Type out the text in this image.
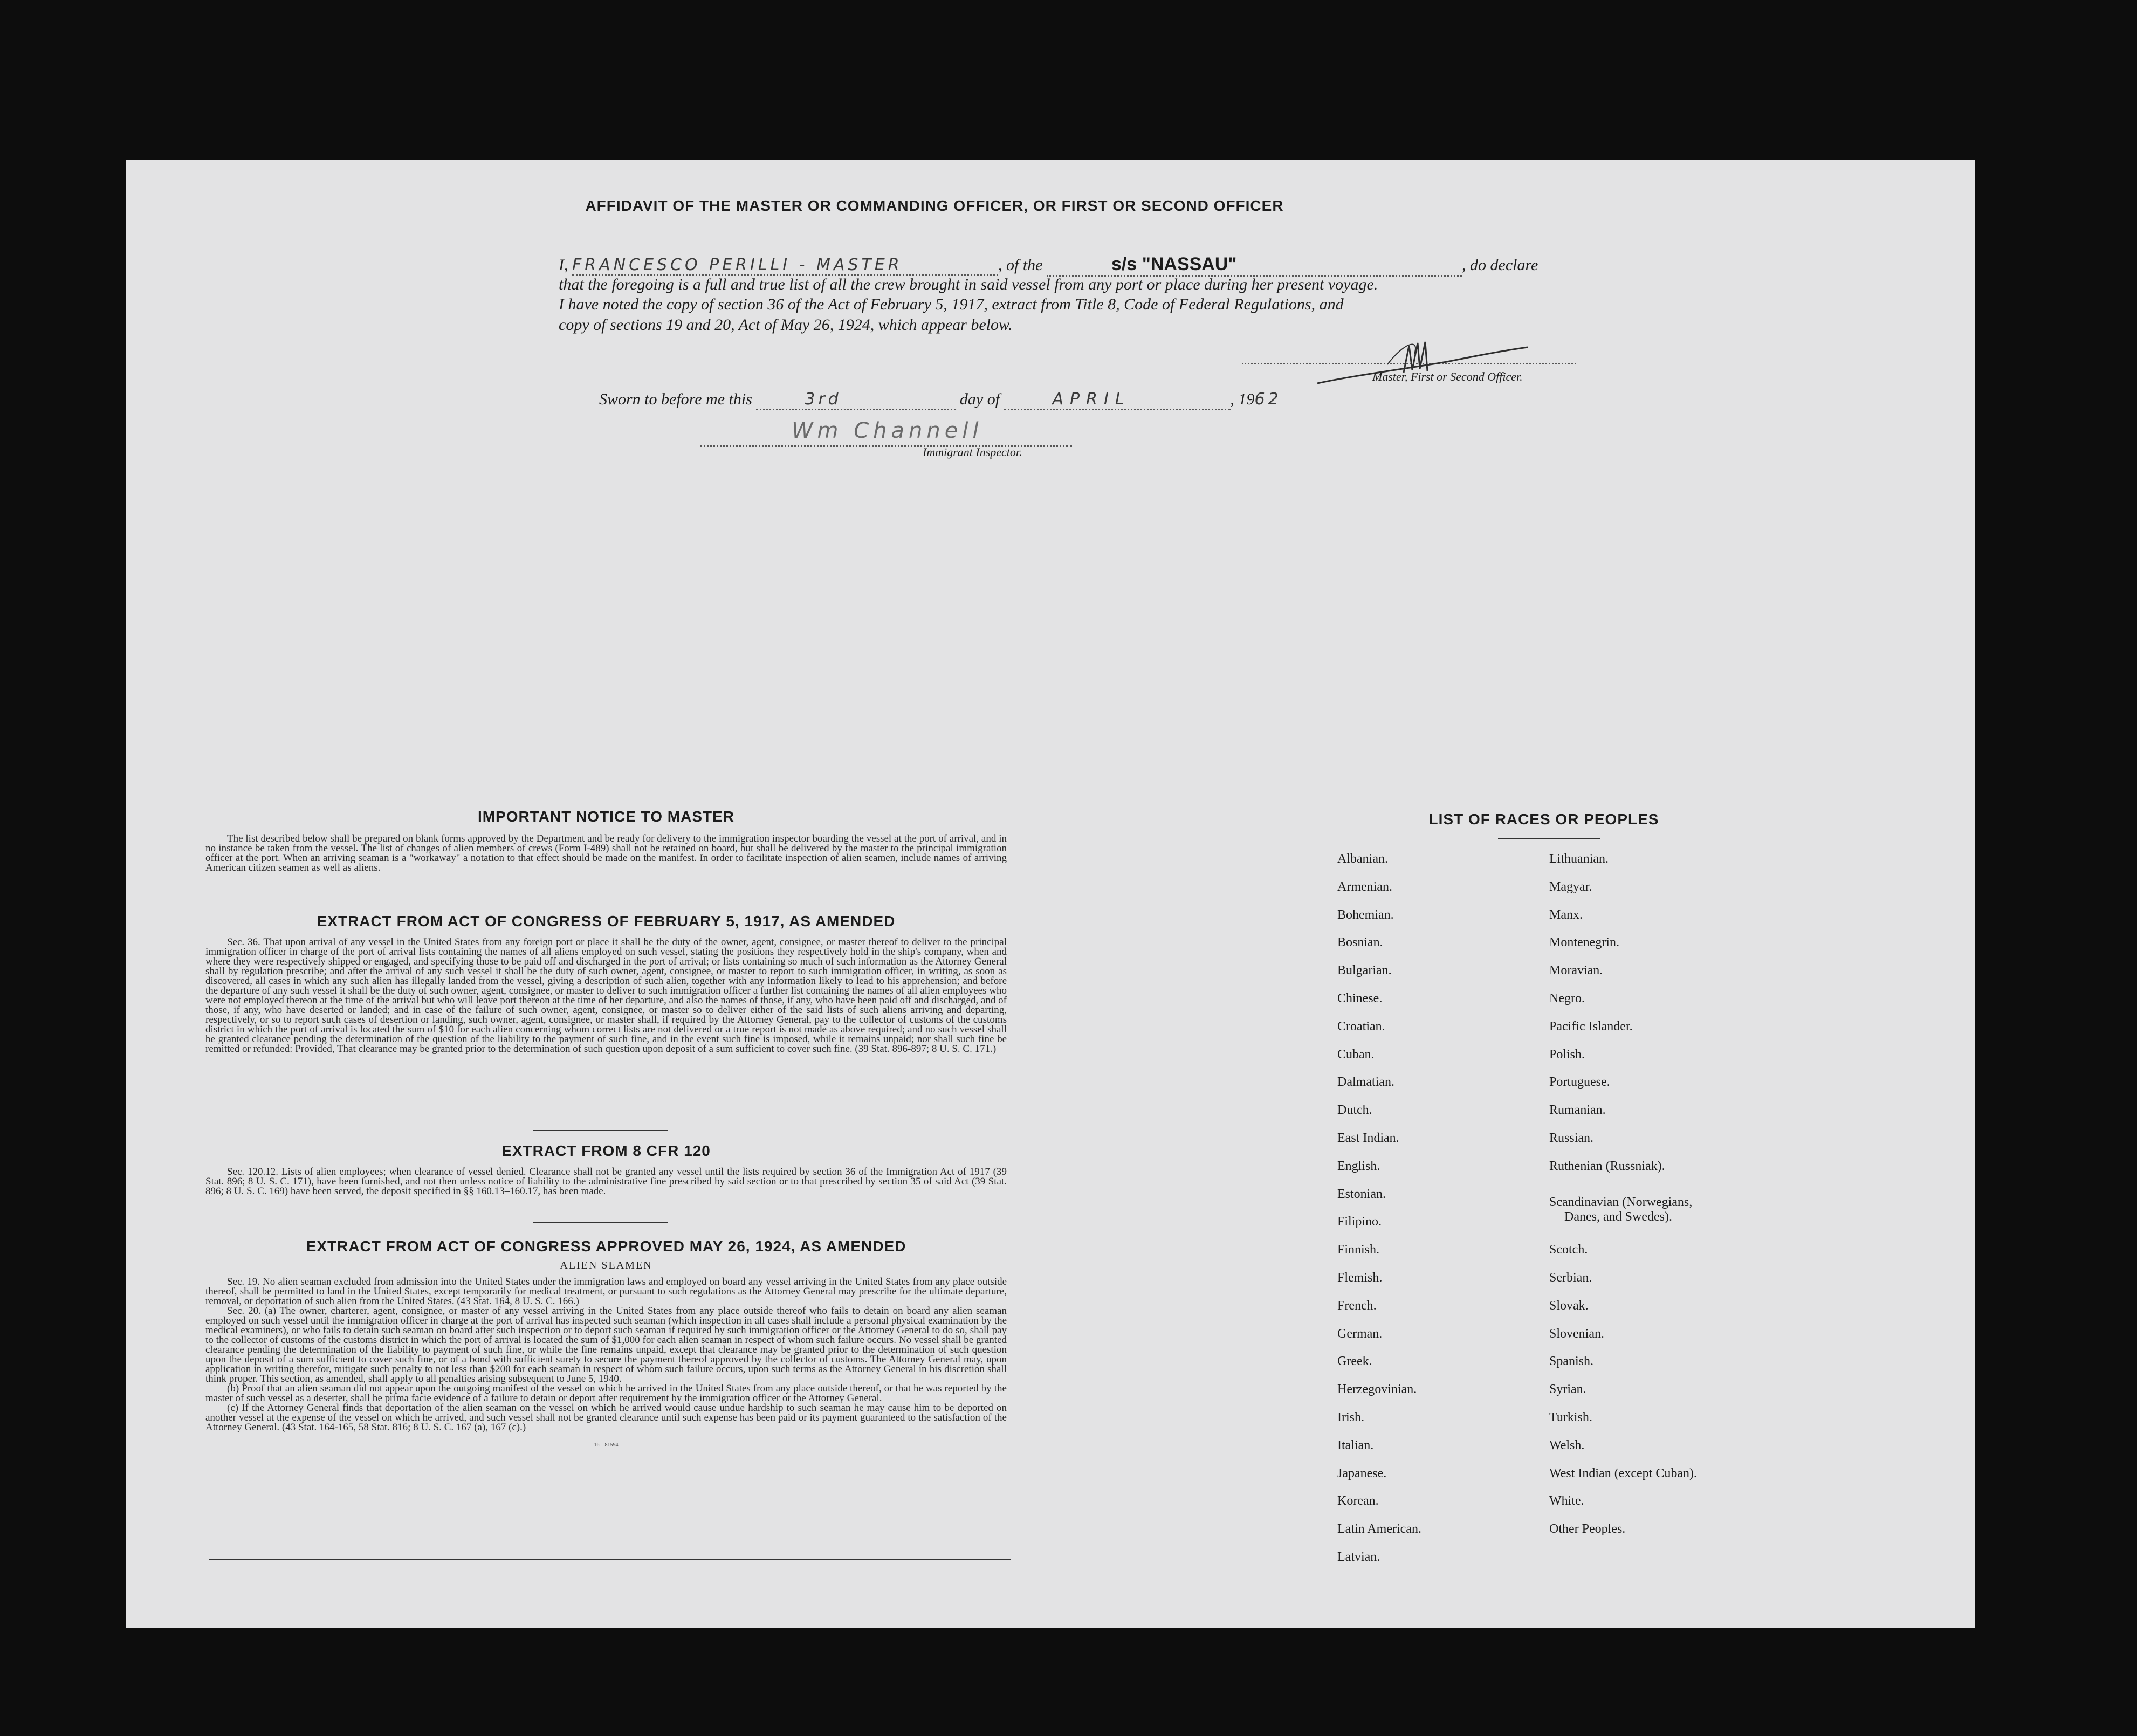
AFFIDAVIT OF THE MASTER OR COMMANDING OFFICER, OR FIRST OR SECOND OFFICER
I, FRANCESCO PERILLI - MASTER	, of the	s/s "NASSAU"	, do declare
that the foregoing is a full and true list of all the crew brought in said vessel from any port or place during her present voyage.
I have noted the copy of section 36 of the Act of February 5, 1917, extract from Title 8, Code of Federal Regulations, and
copy of sections 19 and 20, Act of May 26, 1924, which appear below.
Master, First or Second Officer.
Sworn to before me this	3rd	day of	APRIL	, 1962
Wm Channell
Immigrant Inspector.
IMPORTANT NOTICE TO MASTER
The list described below shall be prepared on blank forms approved by the Department and be ready for delivery to the immigration inspector boarding the vessel at the port of arrival, and in no instance be taken from the vessel. The list of changes of alien members of crews (Form I-489) shall not be retained on board, but shall be delivered by the master to the principal immigration officer at the port. When an arriving seaman is a "workaway" a notation to that effect should be made on the manifest. In order to facilitate inspection of alien seamen, include names of arriving American citizen seamen as well as aliens.
EXTRACT FROM ACT OF CONGRESS OF FEBRUARY 5, 1917, AS AMENDED
Sec. 36. That upon arrival of any vessel in the United States from any foreign port or place it shall be the duty of the owner, agent, consignee, or master thereof to deliver to the principal immigration officer in charge of the port of arrival lists containing the names of all aliens employed on such vessel, stating the positions they respectively hold in the ship's company, when and where they were respectively shipped or engaged, and specifying those to be paid off and discharged in the port of arrival; or lists containing so much of such information as the Attorney General shall by regulation prescribe; and after the arrival of any such vessel it shall be the duty of such owner, agent, consignee, or master to report to such immigration officer, in writing, as soon as discovered, all cases in which any such alien has illegally landed from the vessel, giving a description of such alien, together with any information likely to lead to his apprehension; and before the departure of any such vessel it shall be the duty of such owner, agent, consignee, or master to deliver to such immigration officer a further list containing the names of all alien employees who were not employed thereon at the time of the arrival but who will leave port thereon at the time of her departure, and also the names of those, if any, who have been paid off and discharged, and of those, if any, who have deserted or landed; and in case of the failure of such owner, agent, consignee, or master so to deliver either of the said lists of such aliens arriving and departing, respectively, or so to report such cases of desertion or landing, such owner, agent, consignee, or master shall, if required by the Attorney General, pay to the collector of customs of the customs district in which the port of arrival is located the sum of $10 for each alien concerning whom correct lists are not delivered or a true report is not made as above required; and no such vessel shall be granted clearance pending the determination of the question of the liability to the payment of such fine, and in the event such fine is imposed, while it remains unpaid; nor shall such fine be remitted or refunded: Provided, That clearance may be granted prior to the determination of such question upon deposit of a sum sufficient to cover such fine. (39 Stat. 896-897; 8 U. S. C. 171.)
EXTRACT FROM 8 CFR 120
Sec. 120.12. Lists of alien employees; when clearance of vessel denied. Clearance shall not be granted any vessel until the lists required by section 36 of the Immigration Act of 1917 (39 Stat. 896; 8 U. S. C. 171), have been furnished, and not then unless notice of liability to the administrative fine prescribed by said section or to that prescribed by section 35 of said Act (39 Stat. 896; 8 U. S. C. 169) have been served, the deposit specified in §§ 160.13–160.17, has been made.
EXTRACT FROM ACT OF CONGRESS APPROVED MAY 26, 1924, AS AMENDED
ALIEN SEAMEN
Sec. 19. No alien seaman excluded from admission into the United States under the immigration laws and employed on board any vessel arriving in the United States from any place outside thereof, shall be permitted to land in the United States, except temporarily for medical treatment, or pursuant to such regulations as the Attorney General may prescribe for the ultimate departure, removal, or deportation of such alien from the United States. (43 Stat. 164, 8 U. S. C. 166.)
Sec. 20. (a) The owner, charterer, agent, consignee, or master of any vessel arriving in the United States from any place outside thereof who fails to detain on board any alien seaman employed on such vessel until the immigration officer in charge at the port of arrival has inspected such seaman (which inspection in all cases shall include a personal physical examination by the medical examiners), or who fails to detain such seaman on board after such inspection or to deport such seaman if required by such immigration officer or the Attorney General to do so, shall pay to the collector of customs of the customs district in which the port of arrival is located the sum of $1,000 for each alien seaman in respect of whom such failure occurs. No vessel shall be granted clearance pending the determination of the liability to payment of such fine, or while the fine remains unpaid, except that clearance may be granted prior to the determination of such question upon the deposit of a sum sufficient to cover such fine, or of a bond with sufficient surety to secure the payment thereof approved by the collector of customs. The Attorney General may, upon application in writing therefor, mitigate such penalty to not less than $200 for each seaman in respect of whom such failure occurs, upon such terms as the Attorney General in his discretion shall think proper. This section, as amended, shall apply to all penalties arising subsequent to June 5, 1940.
(b) Proof that an alien seaman did not appear upon the outgoing manifest of the vessel on which he arrived in the United States from any place outside thereof, or that he was reported by the master of such vessel as a deserter, shall be prima facie evidence of a failure to detain or deport after requirement by the immigration officer or the Attorney General.
(c) If the Attorney General finds that deportation of the alien seaman on the vessel on which he arrived would cause undue hardship to such seaman he may cause him to be deported on another vessel at the expense of the vessel on which he arrived, and such vessel shall not be granted clearance until such expense has been paid or its payment guaranteed to the satisfaction of the Attorney General. (43 Stat. 164-165, 58 Stat. 816; 8 U. S. C. 167 (a), 167 (c).)
16—81594
LIST OF RACES OR PEOPLES
Albanian.
Armenian.
Bohemian.
Bosnian.
Bulgarian.
Chinese.
Croatian.
Cuban.
Dalmatian.
Dutch.
East Indian.
English.
Estonian.
Filipino.
Finnish.
Flemish.
French.
German.
Greek.
Herzegovinian.
Irish.
Italian.
Japanese.
Korean.
Latin American.
Latvian.
Lithuanian.
Magyar.
Manx.
Montenegrin.
Moravian.
Negro.
Pacific Islander.
Polish.
Portuguese.
Rumanian.
Russian.
Ruthenian (Russniak).
Scandinavian (Norwegians,
Danes, and Swedes).
Scotch.
Serbian.
Slovak.
Slovenian.
Spanish.
Syrian.
Turkish.
Welsh.
West Indian (except Cuban).
White.
Other Peoples.
